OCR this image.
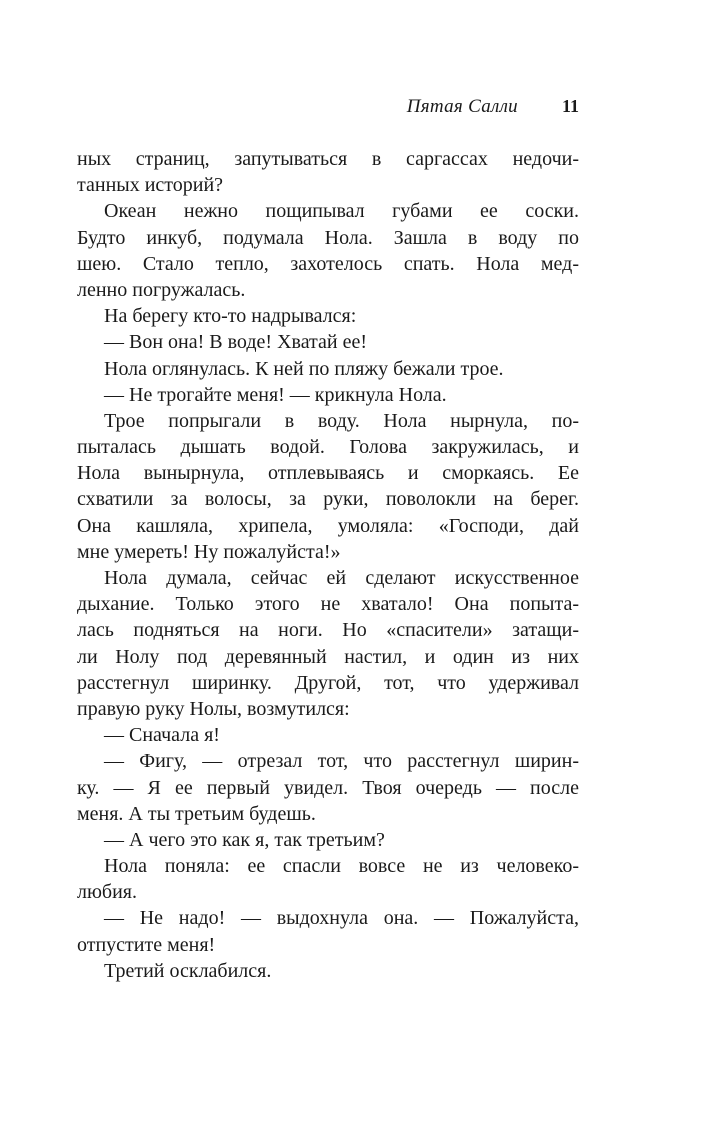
Пятая Салли 11
ных страниц, запутываться в саргассах недочи-
танных историй?
Океан нежно пощипывал губами ее соски.
Будто инкуб, подумала Нола. Зашла в воду по
шею. Стало тепло, захотелось спать. Нола мед-
ленно погружалась.
На берегу кто-то надрывался:
— Вон она! В воде! Хватай ее!
Нола оглянулась. К ней по пляжу бежали трое.
— Не трогайте меня! — крикнула Нола.
Трое попрыгали в воду. Нола нырнула, по-
пыталась дышать водой. Голова закружилась, и
Нола вынырнула, отплевываясь и сморкаясь. Ее
схватили за волосы, за руки, поволокли на берег.
Она кашляла, хрипела, умоляла: «Господи, дай
мне умереть! Ну пожалуйста!»
Нола думала, сейчас ей сделают искусственное
дыхание. Только этого не хватало! Она попыта-
лась подняться на ноги. Но «спасители» затащи-
ли Нолу под деревянный настил, и один из них
расстегнул ширинку. Другой, тот, что удерживал
правую руку Нолы, возмутился:
— Сначала я!
— Фигу, — отрезал тот, что расстегнул ширин-
ку. — Я ее первый увидел. Твоя очередь — после
меня. А ты третьим будешь.
— А чего это как я, так третьим?
Нола поняла: ее спасли вовсе не из человеко-
любия.
— Не надо! — выдохнула она. — Пожалуйста,
отпустите меня!
Третий осклабился.
